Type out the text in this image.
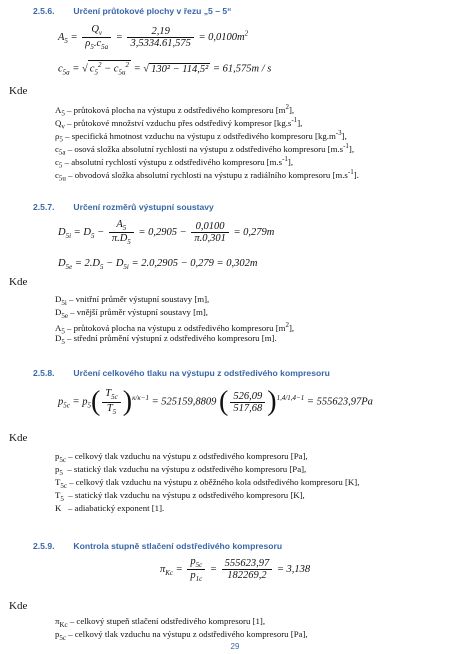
2.5.6. Určení průtokové plochy v řezu „5 – 5“
$A_5 = \frac{Q_v}{\rho_5.c_{5a}} = \frac{2,19}{3,5334.61,575} = 0,0100m^2$
$c_{5a}$ = √ $c_5^2 - c_{5u}^2$ = √ 130² − 114,5² = 61,575m / s
Kde
$A_5$ – průtoková plocha na výstupu z odstředivého kompresoru $[m^2]$,
$Q_v$ – průtokové množství vzduchu přes odstředivý kompresor $[kg.s^{-1}]$,
$\rho_5$ – specifická hmotnost vzduchu na výstupu z odstředivého kompresoru $[kg.m^{-3}]$,
$c_{5a}$ – osová složka absolutní rychlosti na výstupu z odstředivého kompresoru $[m.s^{-1}]$,
$c_5$ – absolutní rychlostí výstupu z odstředivého kompresoru $[m.s^{-1}]$,
$c_{5u}$ – obvodová složka absolutní rychlosti na výstupu z radiálního kompresoru $[m.s^{-1}]$.
2.5.7. Určení rozměrů výstupní soustavy
$D_{5i} = D_5 - \frac{A_5}{\pi.D_5} = 0,2905 - \frac{0,0100}{\pi.0,301} = 0,279m$
$D_{5e} = 2.D_5 - D_{5i} = 2.0,2905 - 0,279 = 0,302m$
Kde
$D_{5i}$ – vnitřní průměr výstupní soustavy [m],
$D_{5e}$ – vnější průměr výstupní soustavy [m],
$A_5$ – průtoková plocha na výstupu z odstředivého kompresoru $[m^2]$,
$D_5$ – střední průmění výstupní z odstředivého kompresoru [m].
2.5.8. Určení celkového tlaku na výstupu z odstředivého kompresoru
$p_{5c} = p_5( \frac{T_{5c}}{T_5} )^{\kappa/\kappa-1} = 525159,8809$ ( $\frac{526,09}{517,68} )^{1,4/1,4-1} = 555623,97Pa$
Kde
$p_{5c}$ – celkový tlak vzduchu na výstupu z odstředivého kompresoru [Pa],
$p_5$  – statický tlak vzduchu na výstupu z odstředivého kompresoru [Pa],
$T_{5c}$ – celkový tlak vzduchu na výstupu z oběžného kola odstředivého kompresoru [K],
$T_5$  – statický tlak vzduchu na výstupu z odstředivého kompresoru [K],
K   – adiabatický exponent [1].
2.5.9. Kontrola stupně stlačení odstředivého kompresoru
$\pi_{Kc} = \frac{p_{5c}}{p_{1c}} = \frac{555623,97}{182269,2} = 3,138$
Kde
$\pi_{Kc}$ – celkový stupeň stlačení odstředivého kompresoru [1],
$p_{5c}$ – celkový tlak vzduchu na výstupu z odstředivého kompresoru [Pa],
29
